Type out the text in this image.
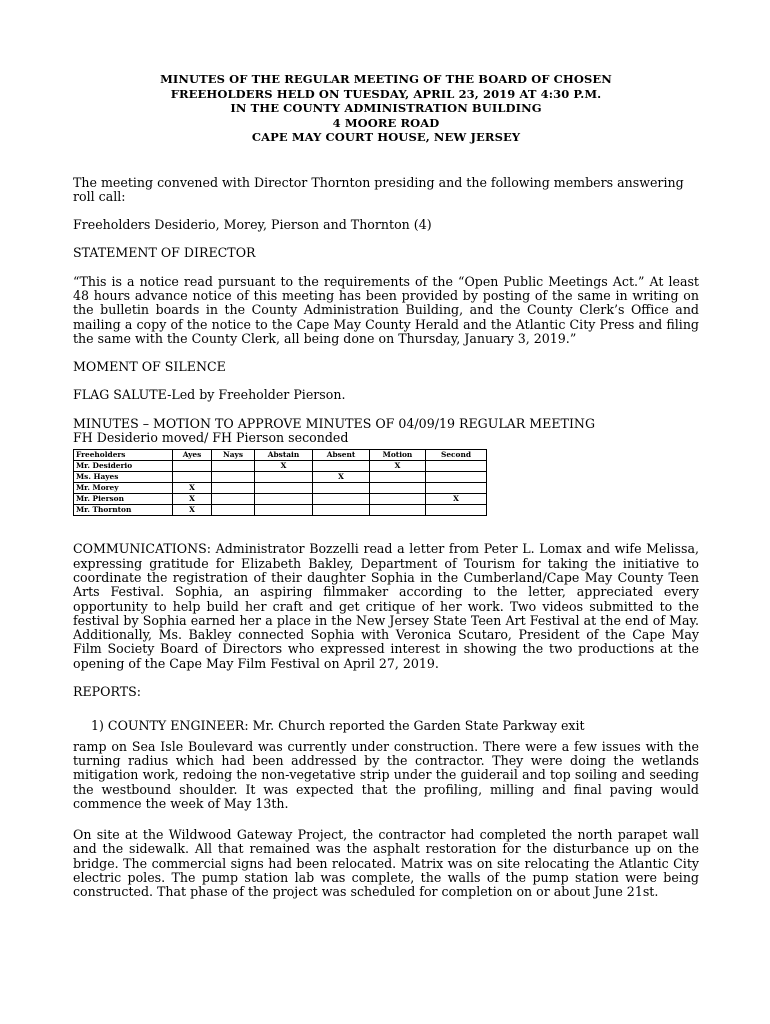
MINUTES OF THE REGULAR MEETING OF THE BOARD OF CHOSEN
FREEHOLDERS HELD ON TUESDAY, APRIL 23, 2019 AT 4:30 P.M.
IN THE COUNTY ADMINISTRATION BUILDING
4 MOORE ROAD
CAPE MAY COURT HOUSE, NEW JERSEY

The meeting convened with Director Thornton presiding and the following members answering roll call:

Freeholders Desiderio, Morey, Pierson and Thornton (4)

STATEMENT OF DIRECTOR

“This is a notice read pursuant to the requirements of the “Open Public Meetings Act.” At least 48 hours advance notice of this meeting has been provided by posting of the same in writing on the bulletin boards in the County Administration Building, and the County Clerk’s Office and mailing a copy of the notice to the Cape May County Herald and the Atlantic City Press and filing the same with the County Clerk, all being done on Thursday, January 3, 2019.”

MOMENT OF SILENCE

FLAG SALUTE-Led by Freeholder Pierson.

MINUTES – MOTION TO APPROVE MINUTES OF 04/09/19 REGULAR MEETING

FH Desiderio moved/ FH Pierson seconded

Freeholders	Ayes	Nays	Abstain	Absent	Motion	Second
Mr. Desiderio			X		X	
Ms. Hayes				X		
Mr. Morey	X					
Mr. Pierson	X					X
Mr. Thornton	X					

COMMUNICATIONS: Administrator Bozzelli read a letter from Peter L. Lomax and wife Melissa, expressing gratitude for Elizabeth Bakley, Department of Tourism for taking the initiative to coordinate the registration of their daughter Sophia in the Cumberland/Cape May County Teen Arts Festival. Sophia, an aspiring filmmaker according to the letter, appreciated every opportunity to help build her craft and get critique of her work. Two videos submitted to the festival by Sophia earned her a place in the New Jersey State Teen Art Festival at the end of May. Additionally, Ms. Bakley connected Sophia with Veronica Scutaro, President of the Cape May Film Society Board of Directors who expressed interest in showing the two productions at the opening of the Cape May Film Festival on April 27, 2019.

REPORTS:

1) COUNTY ENGINEER: Mr. Church reported the Garden State Parkway exit

ramp on Sea Isle Boulevard was currently under construction. There were a few issues with the turning radius which had been addressed by the contractor. They were doing the wetlands mitigation work, redoing the non-vegetative strip under the guiderail and top soiling and seeding the westbound shoulder. It was expected that the profiling, milling and final paving would commence the week of May 13th.

On site at the Wildwood Gateway Project, the contractor had completed the north parapet wall and the sidewalk. All that remained was the asphalt restoration for the disturbance up on the bridge. The commercial signs had been relocated. Matrix was on site relocating the Atlantic City electric poles. The pump station lab was complete, the walls of the pump station were being constructed. That phase of the project was scheduled for completion on or about June 21st.
